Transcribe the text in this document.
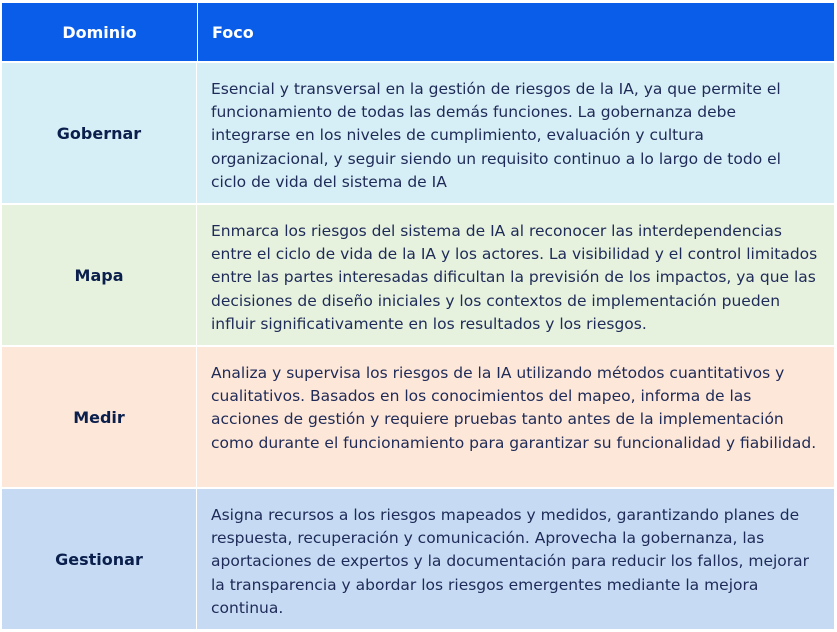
Dominio	Foco
Gobernar
Esencial y transversal en la gestión de riesgos de la IA, ya que permite el funcionamiento de todas las demás funciones. La gobernanza debe integrarse en los niveles de cumplimiento, evaluación y cultura organizacional, y seguir siendo un requisito continuo a lo largo de todo el ciclo de vida del sistema de IA
Mapa
Enmarca los riesgos del sistema de IA al reconocer las interdependencias entre el ciclo de vida de la IA y los actores. La visibilidad y el control limitados entre las partes interesadas dificultan la previsión de los impactos, ya que las decisiones de diseño iniciales y los contextos de implementación pueden influir significativamente en los resultados y los riesgos.
Medir
Analiza y supervisa los riesgos de la IA utilizando métodos cuantitativos y cualitativos. Basados en los conocimientos del mapeo, informa de las acciones de gestión y requiere pruebas tanto antes de la implementación como durante el funcionamiento para garantizar su funcionalidad y fiabilidad.
Gestionar
Asigna recursos a los riesgos mapeados y medidos, garantizando planes de respuesta, recuperación y comunicación. Aprovecha la gobernanza, las aportaciones de expertos y la documentación para reducir los fallos, mejorar la transparencia y abordar los riesgos emergentes mediante la mejora continua.
